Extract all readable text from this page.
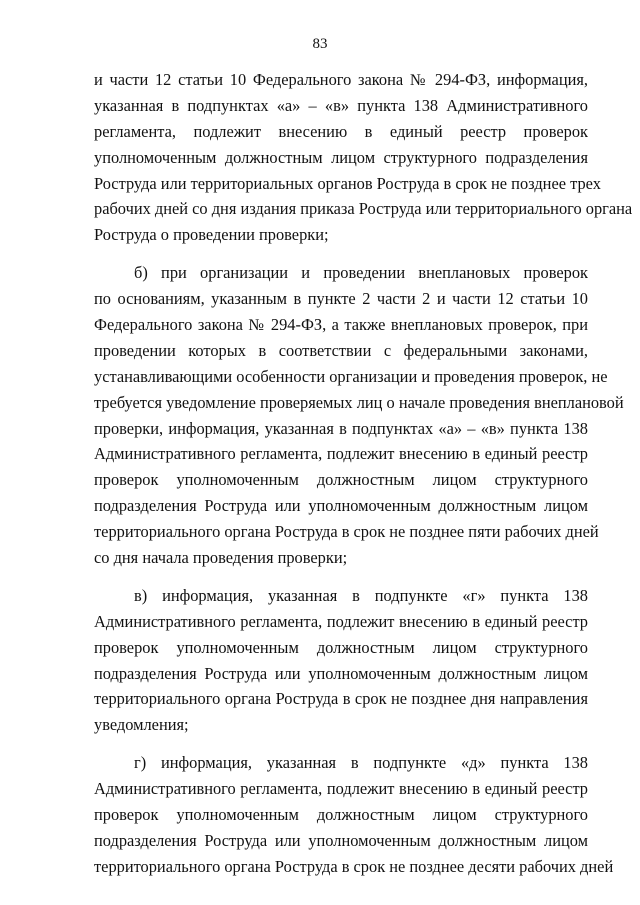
83
и части 12 статьи 10 Федерального закона № 294-ФЗ, информация,
указанная в подпунктах «а» – «в» пункта 138 Административного
регламента, подлежит внесению в единый реестр проверок
уполномоченным должностным лицом структурного подразделения
Роструда или территориальных органов Роструда в срок не позднее трех
рабочих дней со дня издания приказа Роструда или территориального органа
Роструда о проведении проверки;
б) при организации и проведении внеплановых проверок
по основаниям, указанным в пункте 2 части 2 и части 12 статьи 10
Федерального закона № 294-ФЗ, а также внеплановых проверок, при
проведении которых в соответствии с федеральными законами,
устанавливающими особенности организации и проведения проверок, не
требуется уведомление проверяемых лиц о начале проведения внеплановой
проверки, информация, указанная в подпунктах «а» – «в» пункта 138
Административного регламента, подлежит внесению в единый реестр
проверок уполномоченным должностным лицом структурного
подразделения Роструда или уполномоченным должностным лицом
территориального органа Роструда в срок не позднее пяти рабочих дней
со дня начала проведения проверки;
в) информация, указанная в подпункте «г» пункта 138
Административного регламента, подлежит внесению в единый реестр
проверок уполномоченным должностным лицом структурного
подразделения Роструда или уполномоченным должностным лицом
территориального органа Роструда в срок не позднее дня направления
уведомления;
г) информация, указанная в подпункте «д» пункта 138
Административного регламента, подлежит внесению в единый реестр
проверок уполномоченным должностным лицом структурного
подразделения Роструда или уполномоченным должностным лицом
территориального органа Роструда в срок не позднее десяти рабочих дней
